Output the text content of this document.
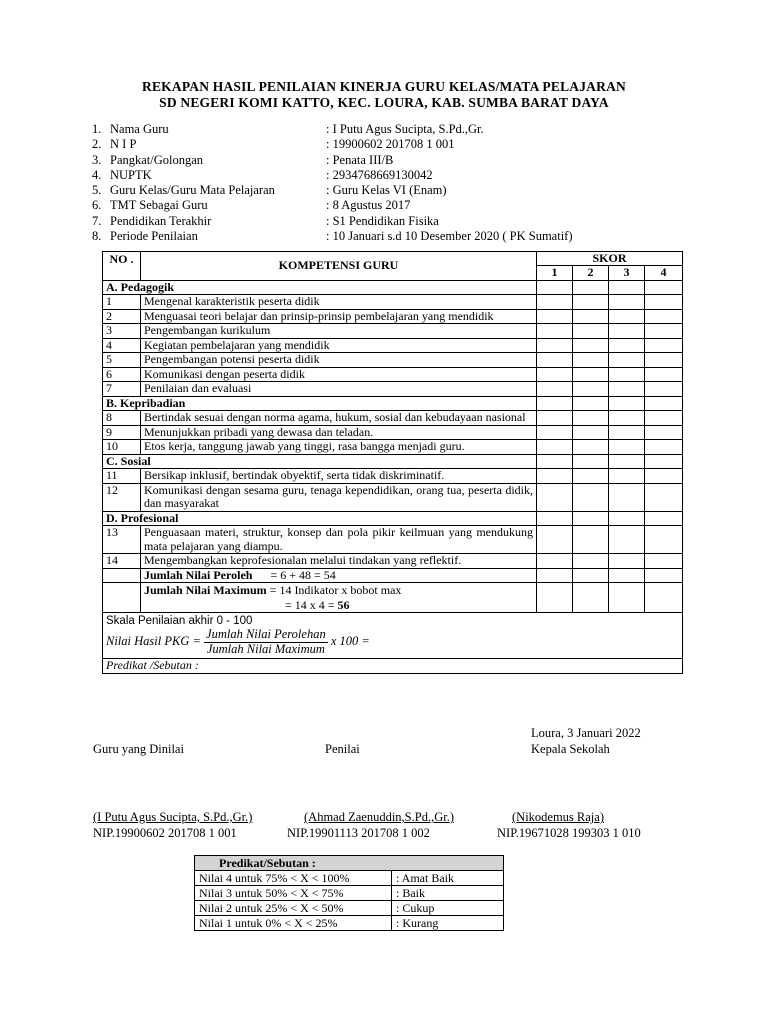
REKAPAN HASIL PENILAIAN KINERJA GURU KELAS/MATA PELAJARAN
SD NEGERI KOMI KATTO, KEC. LOURA, KAB. SUMBA BARAT DAYA
1. Nama Guru	: I Putu Agus Sucipta, S.Pd.,Gr.
2. N I P	: 19900602 201708 1 001
3. Pangkat/Golongan	: Penata III/B
4. NUPTK	: 2934768669130042
5. Guru Kelas/Guru Mata Pelajaran	: Guru Kelas VI (Enam)
6. TMT Sebagai Guru	: 8 Agustus 2017
7. Pendidikan Terakhir	: S1 Pendidikan Fisika
8. Periode Penilaian	: 10 Januari s.d 10 Desember 2020 ( PK Sumatif)
NO .	KOMPETENSI GURU	SKOR			
		1	2	3	4
A. Pedagogik					
1	Mengenal karakteristik peserta didik				
2	Menguasai teori belajar dan prinsip-prinsip pembelajaran yang mendidik				
3	Pengembangan kurikulum				
4	Kegiatan pembelajaran yang mendidik				
5	Pengembangan potensi peserta didik				
6	Komunikasi dengan peserta didik				
7	Penilaian dan evaluasi				
B. Kepribadian					
8	Bertindak sesuai dengan norma agama, hukum, sosial dan kebudayaan nasional				
9	Menunjukkan pribadi yang dewasa dan teladan.				
10	Etos kerja, tanggung jawab yang tinggi, rasa bangga menjadi guru.				
C. Sosial					
11	Bersikap inklusif, bertindak obyektif, serta tidak diskriminatif.				
12	Komunikasi dengan sesama guru, tenaga kependidikan, orang tua, peserta didik, dan masyarakat				
D. Profesional					
13	Penguasaan materi, struktur, konsep dan pola pikir keilmuan yang mendukung mata pelajaran yang diampu.				
14	Mengembangkan keprofesionalan melalui tindakan yang reflektif.				
	Jumlah Nilai Peroleh = 6 + 48 = 54				
	Jumlah Nilai Maximum = 14 Indikator x bobot max
= 14 x 4 = 56				

Skala Penilaian akhir 0 - 100
Nilai Hasil PKG = $\frac{\text{Jumlah Nilai Perolehan}}{\text{Jumlah Nilai Maximum}}$ x 100 =					

Predikat /Sebutan :					
Loura, 3 Januari 2022
Guru yang Dinilai	Penilai	Kepala Sekolah
(I Putu Agus Sucipta, S.Pd.,Gr.)	(Ahmad Zaenuddin,S.Pd.,Gr.)	(Nikodemus Raja)
NIP.19900602 201708 1 001	NIP.19901113 201708 1 002	NIP.19671028 199303 1 010
Predikat/Sebutan :	
Nilai 4 untuk 75% < X < 100%	: Amat Baik
Nilai 3 untuk 50% < X < 75%	: Baik
Nilai 2 untuk 25% < X < 50%	: Cukup
Nilai 1 untuk 0% < X < 25%	: Kurang
